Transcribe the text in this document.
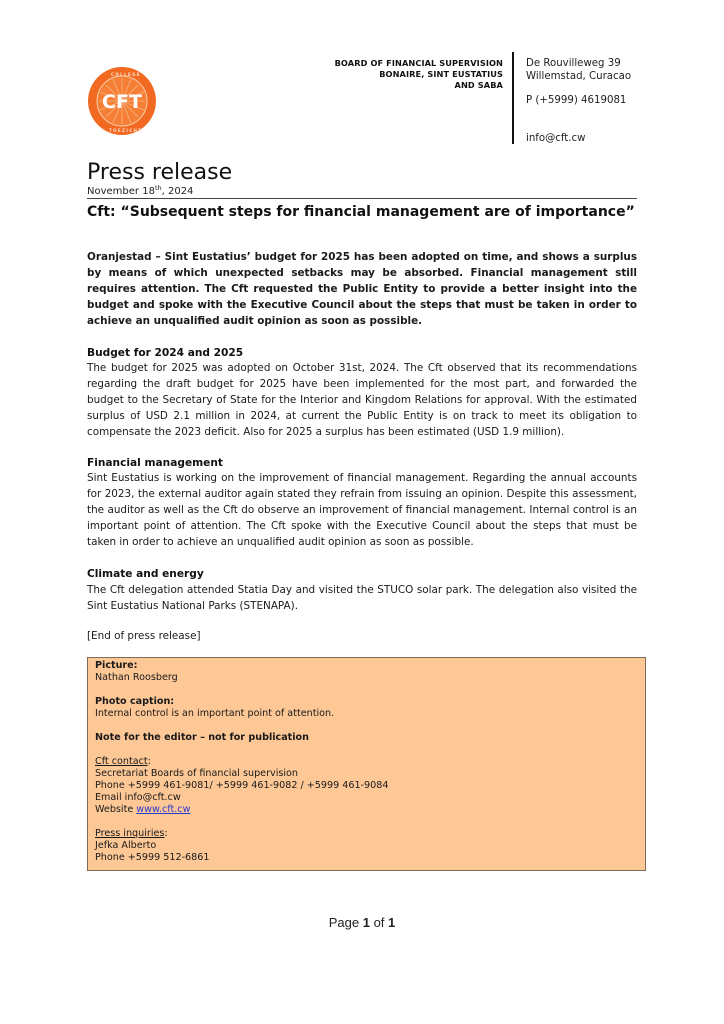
C O L L E G E
T O E Z I C H T
CFT
BOARD OF FINANCIAL SUPERVISION
BONAIRE, SINT EUSTATIUS
AND SABA
De Rouvilleweg 39
Willemstad, Curacao
P (+5999) 4619081
info@cft.cw
Press release
November 18th, 2024
Cft: “Subsequent steps for financial management are of importance”
Oranjestad – Sint Eustatius’ budget for 2025 has been adopted on time, and shows a surplus by means of which unexpected setbacks may be absorbed. Financial management still requires attention. The Cft requested the Public Entity to provide a better insight into the budget and spoke with the Executive Council about the steps that must be taken in order to achieve an unqualified audit opinion as soon as possible.
Budget for 2024 and 2025
The budget for 2025 was adopted on October 31st, 2024. The Cft observed that its recommendations regarding the draft budget for 2025 have been implemented for the most part, and forwarded the budget to the Secretary of State for the Interior and Kingdom Relations for approval. With the estimated surplus of USD 2.1 million in 2024, at current the Public Entity is on track to meet its obligation to compensate the 2023 deficit. Also for 2025 a surplus has been estimated (USD 1.9 million).
Financial management
Sint Eustatius is working on the improvement of financial management. Regarding the annual accounts for 2023, the external auditor again stated they refrain from issuing an opinion. Despite this assessment, the auditor as well as the Cft do observe an improvement of financial management. Internal control is an important point of attention. The Cft spoke with the Executive Council about the steps that must be taken in order to achieve an unqualified audit opinion as soon as possible.
Climate and energy
The Cft delegation attended Statia Day and visited the STUCO solar park. The delegation also visited the Sint Eustatius National Parks (STENAPA).
[End of press release]
Picture:
Nathan Roosberg
Photo caption:
Internal control is an important point of attention.
Note for the editor – not for publication
Cft contact:
Secretariat Boards of financial supervision
Phone +5999 461-9081/ +5999 461-9082 / +5999 461-9084
Email info@cft.cw
Website www.cft.cw
Press inquiries:
Jefka Alberto
Phone +5999 512-6861
Page 1 of 1
